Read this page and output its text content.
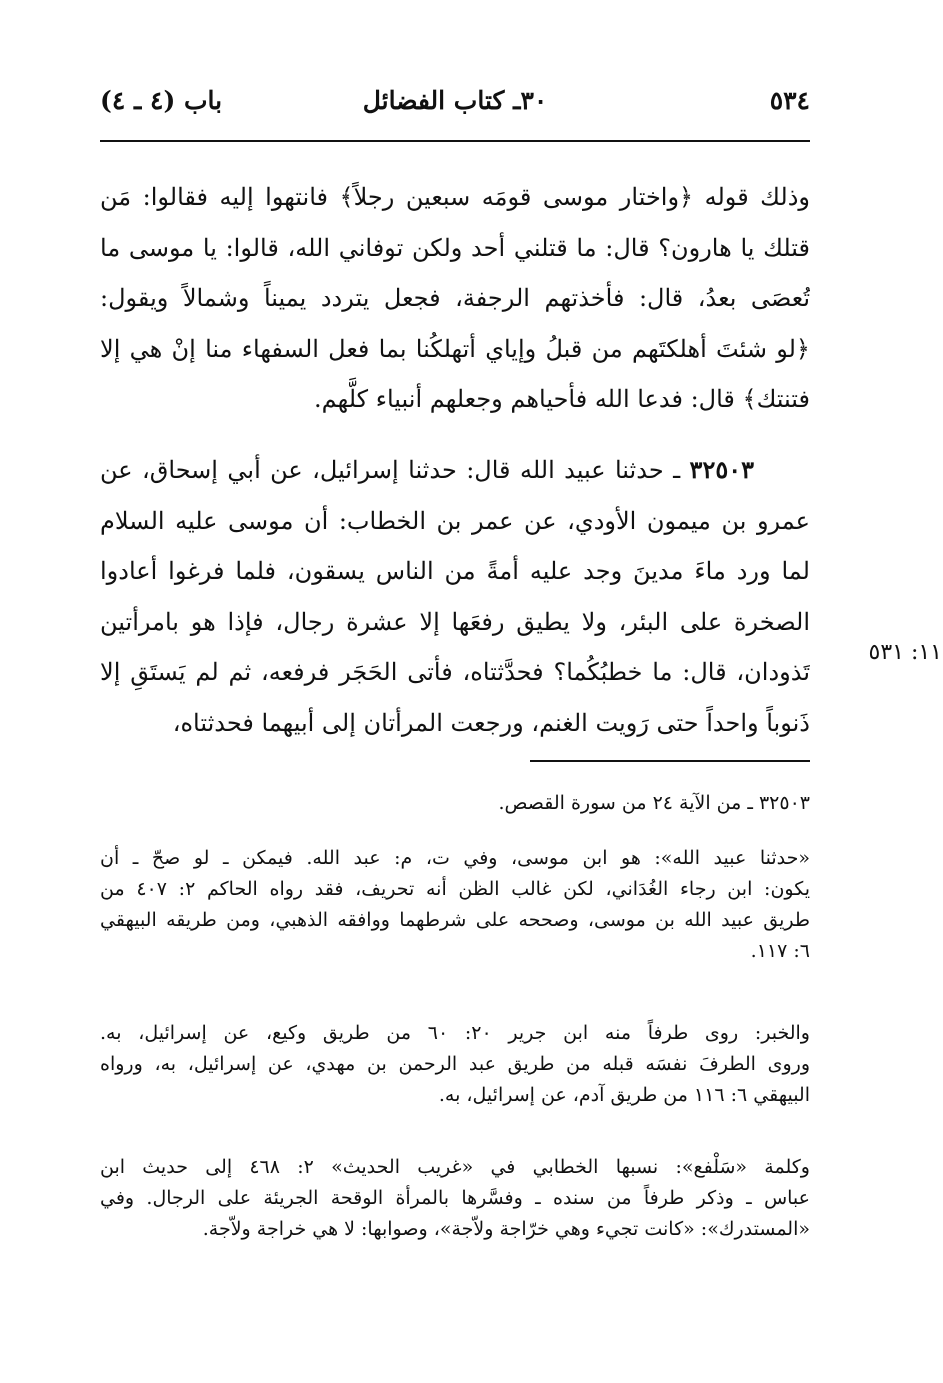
٥٣٤
٣٠ـ كتاب الفضائل
باب (٤ ـ ٤)
وذلك قوله ﴿واختار موسى قومَه سبعين رجلاً﴾ فانتهوا إليه فقالوا: مَن
قتلك يا هارون؟ قال: ما قتلني أحد ولكن توفاني الله، قالوا: يا موسى ما
تُعصَى بعدُ، قال: فأخذتهم الرجفة، فجعل يتردد يميناً وشمالاً ويقول:
﴿لو شئتَ أهلكتَهم من قبلُ وإياي أتهلكُنا بما فعل السفهاء منا إنْ هي إلا
فتنتك﴾ قال: فدعا الله فأحياهم وجعلهم أنبياء كلَّهم.
٣٢٥٠٣ ـ حدثنا عبيد الله قال: حدثنا إسرائيل، عن أبي إسحاق، عن
عمرو بن ميمون الأودي، عن عمر بن الخطاب: أن موسى عليه السلام
لما ورد ماءَ مدينَ وجد عليه أمةً من الناس يسقون، فلما فرغوا أعادوا
الصخرة على البئر، ولا يطيق رفعَها إلا عشرة رجال، فإذا هو بامرأتين
تَذودان، قال: ما خطبُكُما؟ فحدَّثتاه، فأتى الحَجَر فرفعه، ثم لم يَستَقِ إلا
ذَنوباً واحداً حتى رَويت الغنم، ورجعت المرأتان إلى أبيهما فحدثتاه،
١١: ٥٣١
٣٢٥٠٣ ـ من الآية ٢٤ من سورة القصص.
«حدثنا عبيد الله»: هو ابن موسى، وفي ت، م: عبد الله. فيمكن ـ لو صحّ ـ أن
يكون: ابن رجاء الغُدَاني، لكن غالب الظن أنه تحريف، فقد رواه الحاكم ٢: ٤٠٧ من
طريق عبيد الله بن موسى، وصححه على شرطهما ووافقه الذهبي، ومن طريقه البيهقي
٦: ١١٧.
والخبر: روى طرفاً منه ابن جرير ٢٠: ٦٠ من طريق وكيع، عن إسرائيل، به.
وروى الطرفَ نفسَه قبله من طريق عبد الرحمن بن مهدي، عن إسرائيل، به، ورواه
البيهقي ٦: ١١٦ من طريق آدم، عن إسرائيل، به.
وكلمة «سَلْفع»: نسبها الخطابي في «غريب الحديث» ٢: ٤٦٨ إلى حديث ابن
عباس ـ وذكر طرفاً من سنده ـ وفسَّرها بالمرأة الوقحة الجريئة على الرجال. وفي
«المستدرك»: «كانت تجيء وهي خرّاجة ولاّجة»، وصوابها: لا هي خراجة ولاّجة.
